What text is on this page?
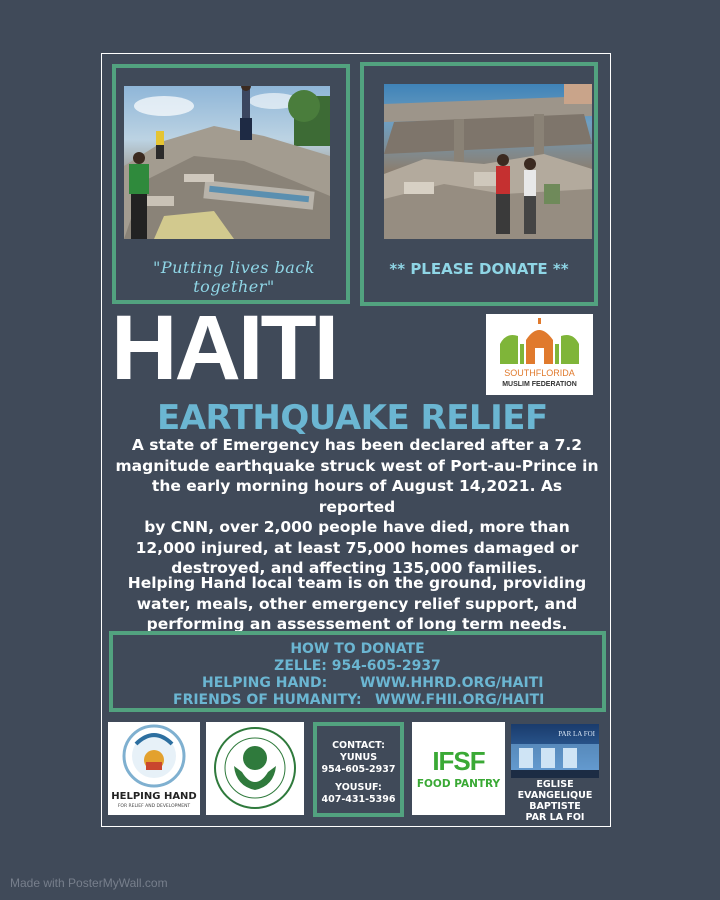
"Putting lives back together"
** PLEASE DONATE **
HAITI	SOUTHFLORIDA
MUSLIM FEDERATION
EARTHQUAKE RELIEF
A state of Emergency has been declared after a 7.2
magnitude earthquake struck west of Port-au-Prince in
the early morning hours of August 14,2021. As reported
by CNN, over 2,000 people have died, more than
12,000 injured, at least 75,000 homes damaged or
destroyed, and affecting 135,000 families.
Helping Hand local team is on the ground, providing
water, meals, other emergency relief support, and
performing an assessement of long term needs.
HOW TO DONATE
ZELLE: 954-605-2937
HELPING HAND: WWW.HHRD.ORG/HAITI
FRIENDS OF HUMANITY: WWW.FHII.ORG/HAITI
HELPING HAND
FOR RELIEF AND DEVELOPMENT
CONTACT:
YUNUS
954-605-2937
YOUSUF:
407-431-5396
IFSF
FOOD PANTRY
PAR LA FOI
EGLISE
EVANGELIQUE
BAPTISTE
PAR LA FOI
Made with PosterMyWall.com
